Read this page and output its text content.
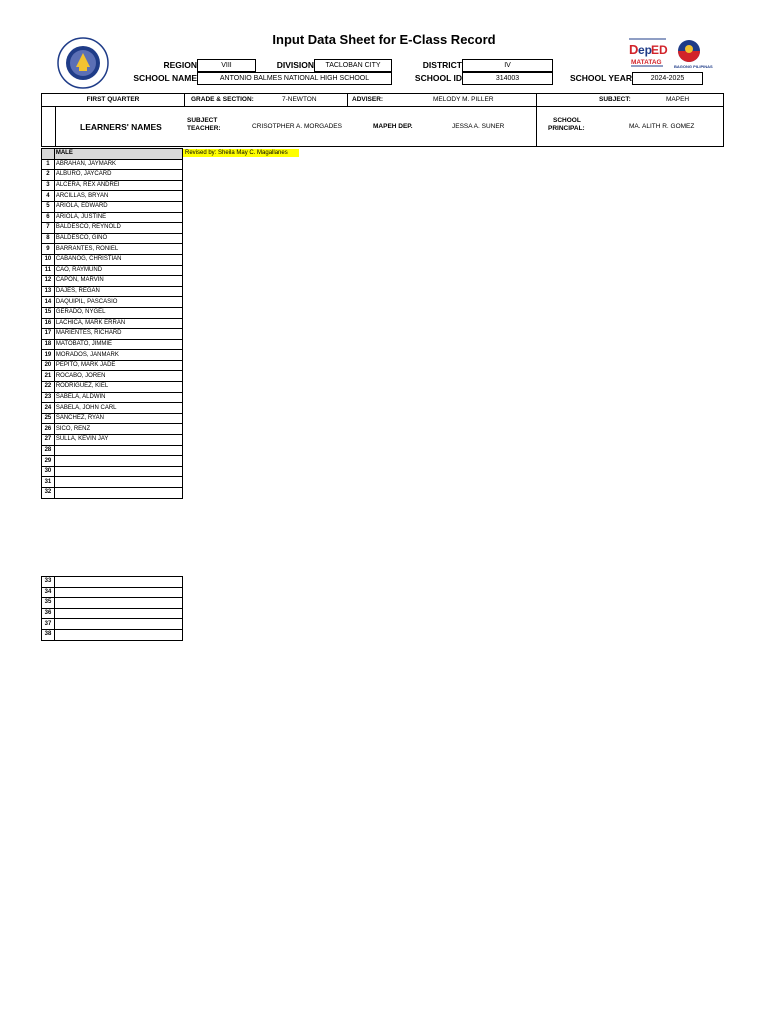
Input Data Sheet for E-Class Record
D ep
ED
MATATAG
BAGONG PILIPINAS
REGION	VIII	DIVISION	TACLOBAN CITY	DISTRICT	IV
SCHOOL NAME	ANTONIO BALMES NATIONAL HIGH SCHOOL	SCHOOL ID	314003	SCHOOL YEAR	2024-2025
FIRST QUARTER	GRADE & SECTION:	7-NEWTON	ADVISER:	MELODY M. PILLER	SUBJECT:	MAPEH
LEARNERS' NAMES
SUBJECT
TEACHER:	CRISOTPHER A. MORGADES	MAPEH DEP.	JESSA A. SUNER
SCHOOL
PRINCIPAL:	MA. ALITH R. GOMEZ
Revised by: Sheila May C. Magallanes
	MALE
1	ABRAHAN, JAYMARK
2	ALBURO, JAYCARD
3	ALCERA, REX ANDREI
4	ARCILLAS, BRYAN
5	ARIOLA, EDWARD
6	ARIOLA, JUSTINE
7	BALDESCO, REYNOLD
8	BALDESCO, GINO
9	BARRANTES, RONIEL
10	CABANOG, CHRISTIAN
11	CAO, RAYMUND
12	CAPON, MARVIN
13	DAJES, REGAN
14	DAQUIPIL, PASCASIO
15	GERADO, NYGEL
16	LACHICA, MARK ERRAN
17	MARIENTES, RICHARD
18	MATOBATO, JIMMIE
19	MORADOS, JANMARK
20	PEPITO, MARK JADE
21	ROCABO, JOREN
22	RODRIGUEZ, KIEL
23	SABELA, ALDWIN
24	SABELA, JOHN CARL
25	SANCHEZ, RYAN
26	SICO, RENZ
27	SULLA, KEVIN JAY
28	
29	
30	
31	
32	
33	
34	
35	
36	
37	
38	
